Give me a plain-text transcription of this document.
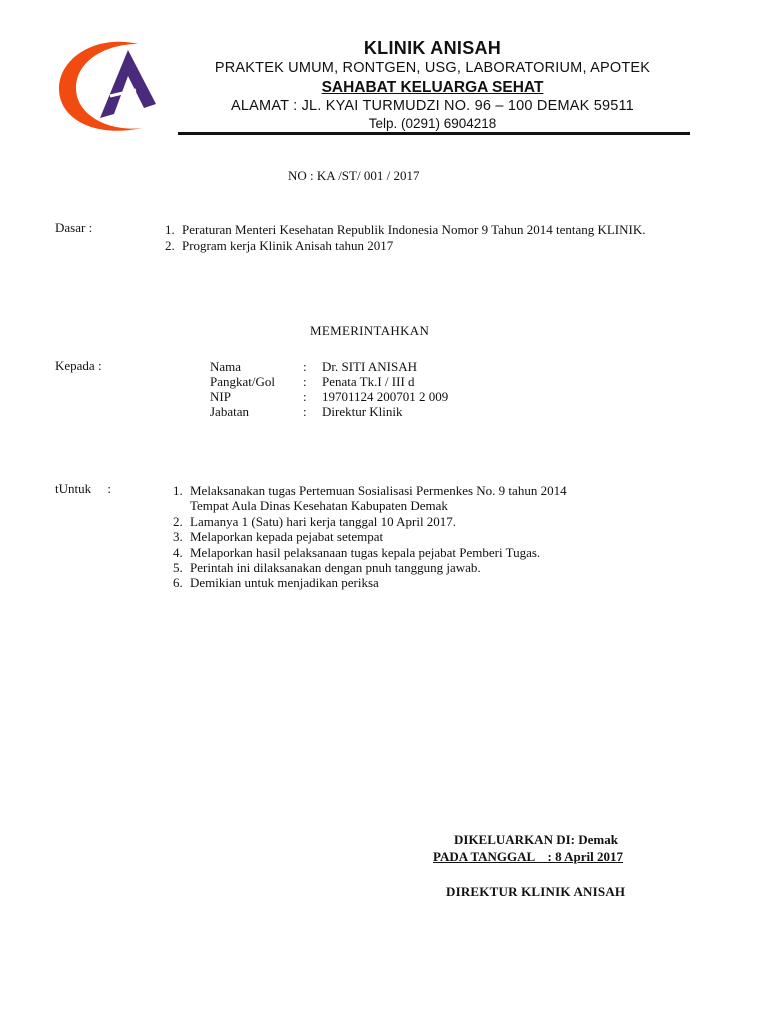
KLINIK ANISAH
PRAKTEK UMUM, RONTGEN, USG, LABORATORIUM, APOTEK
SAHABAT KELUARGA SEHAT
ALAMAT : JL. KYAI TURMUDZI NO. 96 – 100 DEMAK 59511
Telp. (0291) 6904218
NO : KA /ST/ 001 / 2017
Dasar :	1. Peraturan Menteri Kesehatan Republik Indonesia Nomor 9 Tahun 2014 tentang KLINIK.
2. Program kerja Klinik Anisah tahun 2017
MEMERINTAHKAN
Kepada :	Nama	: Dr. SITI ANISAH
Pangkat/Gol	: Penata Tk.I / III d
NIP	: 19701124 200701 2 009
Jabatan	: Direktur Klinik
tUntuk     :	1. Melaksanakan tugas Pertemuan Sosialisasi Permenkes No. 9 tahun 2014
Tempat Aula Dinas Kesehatan Kabupaten Demak
2. Lamanya 1 (Satu) hari kerja tanggal 10 April 2017.
3. Melaporkan kepada pejabat setempat
4. Melaporkan hasil pelaksanaan tugas kepala pejabat Pemberi Tugas.
5. Perintah ini dilaksanakan dengan pnuh tanggung jawab.
6. Demikian untuk menjadikan periksa
DIKELUARKAN DI: Demak
PADA TANGGAL    : 8 April 2017
DIREKTUR KLINIK ANISAH
